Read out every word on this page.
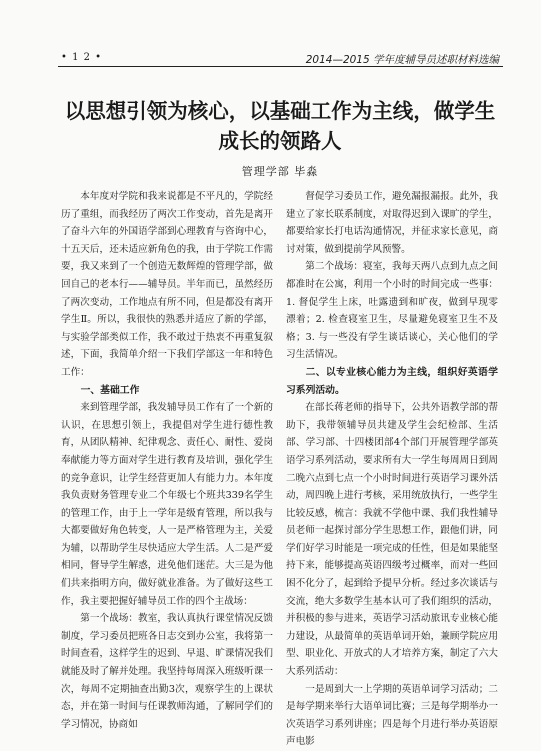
• 1 2 •	2014—2015 学年度辅导员述职材料选编
以思想引领为核心，以基础工作为主线，做学生成长的领路人
管理学部 毕淼

本年度对学院和我来说都是不平凡的，学院经历了重组，而我经历了两次工作变动，首先是离开了奋斗六年的外国语学部到心理教育与咨询中心，十五天后，还未适应新角色的我，由于学院工作需要，我又来到了一个创造无数辉煌的管理学部，做回自己的老本行——辅导员。半年而已，虽然经历了两次变动，工作地点有所不同，但是都没有离开学生Ⅱ。所以，我很快的熟悉并适应了新的学部，与实验学部类似工作，我不敢过于热衷不再重复叙述，下面，我简单介绍一下我们学部这一年和特色工作：

一、基础工作

来到管理学部，我发辅导员工作有了一个新的认识，在思想引领上，我提倡对学生进行德性教育，从团队精神、纪律观念、责任心、耐性、爱岗奉献能力等方面对学生进行教育及培训，强化学生的竞争意识，让学生经营更加人有能力力。本年度我负责财务管理专业二个年级七个班共339名学生的管理工作，由于上一学年是级育管理，所以我与大都要做好角色转变，人一是严格管理为主，关爱为辅，以帮助学生尽快适应大学生活。人二是严爱相同，督导学生解惑，进免他们迷茫。大三是为他们共来指明方向，做好就业准备。为了做好这些工作，我主要把握好辅导员工作的四个主战场：

第一个战场：教室，我认真执行课堂情况反馈制度，学习委员把班各日志交到办公室，我将第一时间查看，这样学生的迟到、早退、旷课情况我们就能及时了解并处理。我坚持每周深入班级听课一次，每周不定期抽查出勤3次，观察学生的上课状态，并在第一时间与任课教师沟通，了解同学们的学习情况，协商如

督促学习委员工作，避免漏报漏报。此外，我建立了家长联系制度，对取得迟到入课旷的学生，都要给家长打电话沟通情况，并征求家长意见，商讨对策，做到提前学风预警。

第二个战场：寝室，我每天两八点到九点之间都准时在公寓，利用一个小时的时间完成一些事：1. 督促学生上床，吐露遗到和旷夜，做到早现零漂着；2. 检查寝室卫生，尽量避免寝室卫生不及格；3. 与一些没有学生谈话谈心，关心他们的学习生活情况。

二、以专业核心能力为主线，组织好英语学习系列活动。

在部长蒋老师的指导下，公共外语教学部的帮助下，我带领辅导员共建及学生会纪检部、生活部、学习部、十四楼团部4个部门开展管理学部英语学习系列活动，要求所有大一学生每周周日到周二晚六点到七点一个小时时间进行英语学习课外活动，周四晚上进行考核，采用统放执行，一些学生比较反感，梳言：我就不学他中课、我们我性辅导员老师一起探讨部分学生思想工作，跟他们讲，同学们好学习时能是一项完成的任性，但是如果能坚持下来，能够提高英语四级考过概率，而对一些回困不化分了，起到给予提早分析。经过多次谈话与交流，绝大多数学生基本认可了我们组织的活动，并积极的参与进来，英语学习活动旅讯专业核心能力建设，从最简单的英语单词开始，兼顾学院应用型、职业化、开放式的人才培养方案，制定了六大大系列活动：

一是周到大一上学期的英语单词学习活动；二是每学期来举行大语单词比赛；三是每学期举办一次英语学习系列讲座；四是每个月进行举办英语原声电影
